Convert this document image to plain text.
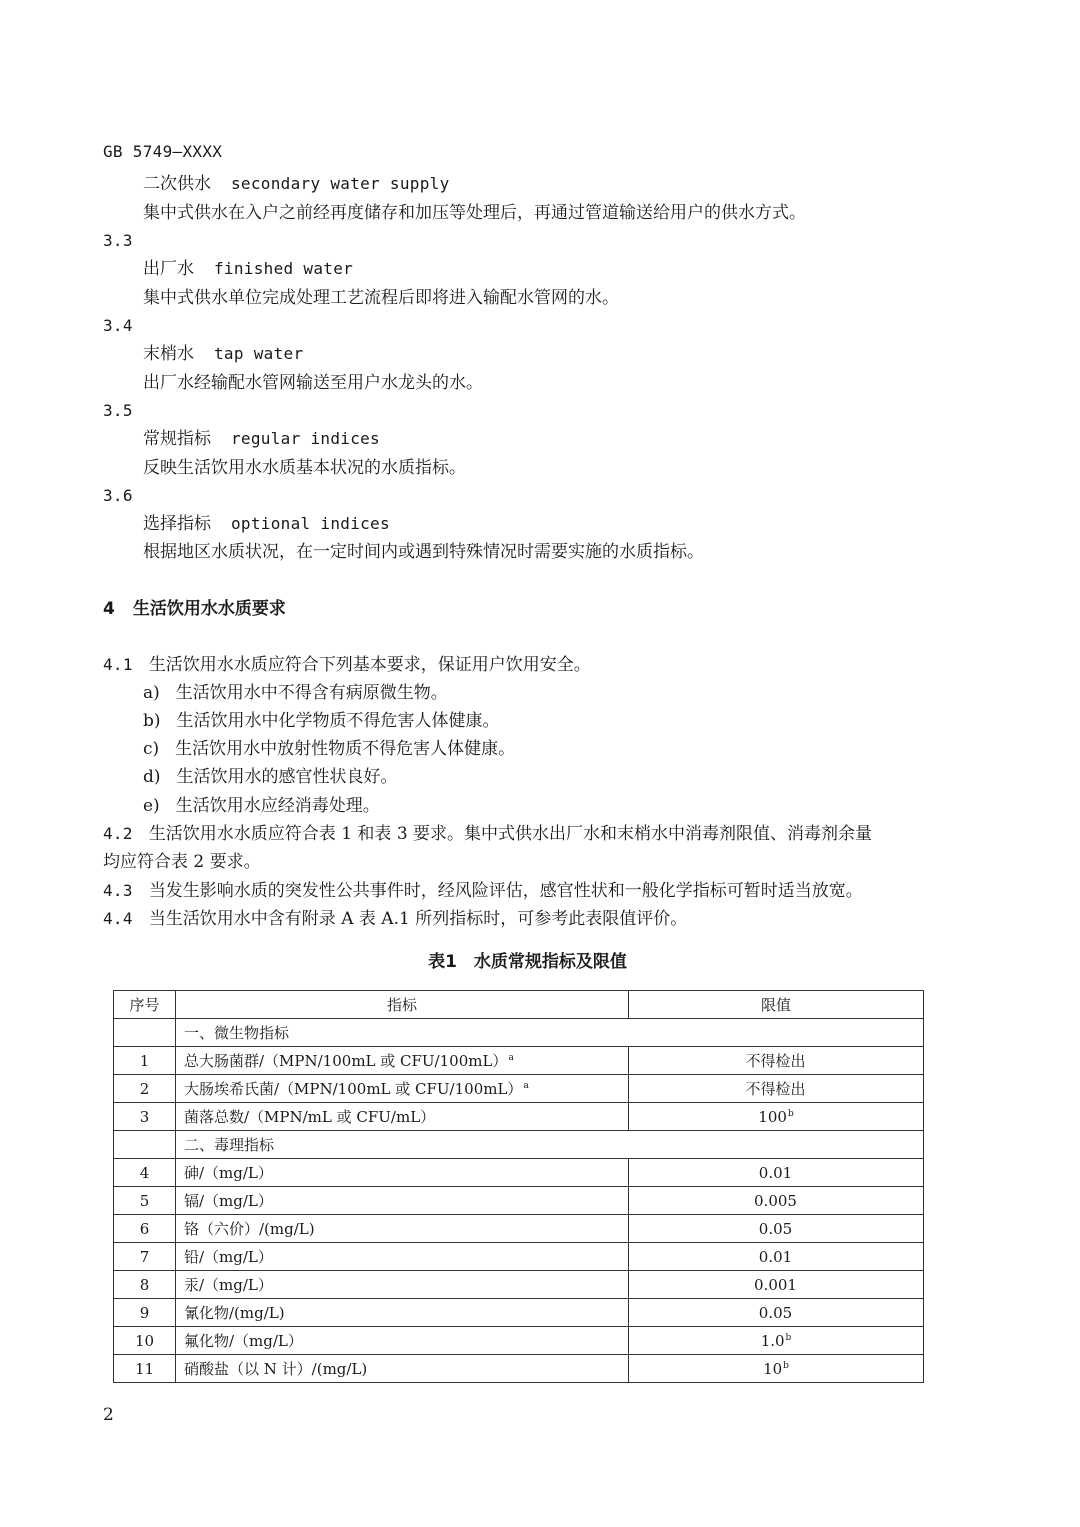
GB 5749—XXXX
二次供水 secondary water supply
集中式供水在入户之前经再度储存和加压等处理后，再通过管道输送给用户的供水方式。
3.3
出厂水 finished water
集中式供水单位完成处理工艺流程后即将进入输配水管网的水。
3.4
末梢水 tap water
出厂水经输配水管网输送至用户水龙头的水。
3.5
常规指标 regular indices
反映生活饮用水水质基本状况的水质指标。
3.6
选择指标 optional indices
根据地区水质状况，在一定时间内或遇到特殊情况时需要实施的水质指标。
4 生活饮用水水质要求
4.1 生活饮用水水质应符合下列基本要求，保证用户饮用安全。
a) 生活饮用水中不得含有病原微生物。
b) 生活饮用水中化学物质不得危害人体健康。
c) 生活饮用水中放射性物质不得危害人体健康。
d) 生活饮用水的感官性状良好。
e) 生活饮用水应经消毒处理。
4.2 生活饮用水水质应符合表 1 和表 3 要求。集中式供水出厂水和末梢水中消毒剂限值、消毒剂余量
均应符合表 2 要求。
4.3 当发生影响水质的突发性公共事件时，经风险评估，感官性状和一般化学指标可暂时适当放宽。
4.4 当生活饮用水中含有附录 A 表 A.1 所列指标时，可参考此表限值评价。
表1　水质常规指标及限值
序号	指标	限值
	一、微生物指标	
1	总大肠菌群/（MPN/100mL 或 CFU/100mL）$^a$	不得检出
2	大肠埃希氏菌/（MPN/100mL 或 CFU/100mL）$^a$	不得检出
3	菌落总数/（MPN/mL 或 CFU/mL）	100$^b$
	二、毒理指标	
4	砷/（mg/L）	0.01
5	镉/（mg/L）	0.005
6	铬（六价）/(mg/L)	0.05
7	铅/（mg/L）	0.01
8	汞/（mg/L）	0.001
9	氰化物/(mg/L)	0.05
10	氟化物/（mg/L）	1.0$^b$
11	硝酸盐（以 N 计）/(mg/L)	10$^b$
2
